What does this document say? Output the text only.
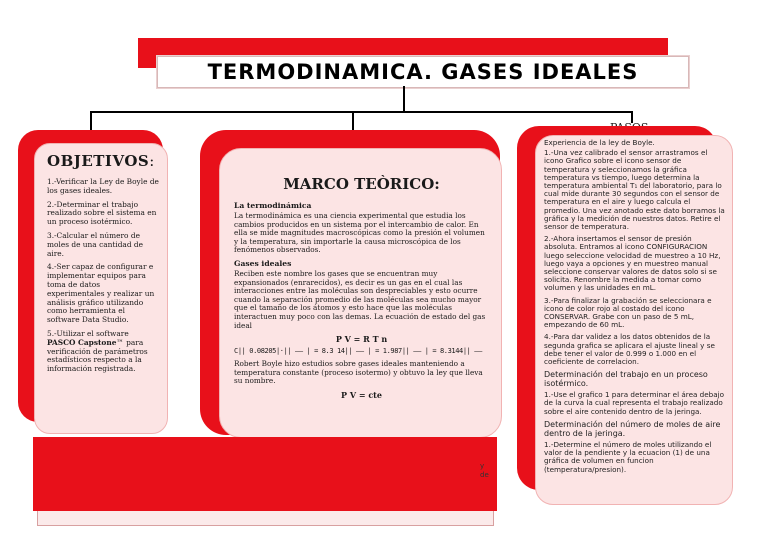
TERMODINAMICA. GASES IDEALES
OBJETIVOS:
1.-Verificar la Ley de Boyle de los gases ideales.
2.-Determinar el trabajo realizado sobre el sistema en un proceso isotérmico.
3.-Calcular el número de moles de una cantidad de aire.
4.-Ser capaz de configurar e implementar equipos para toma de datos experimentales y realizar un análisis gráfico utilizando como herramienta el software Data Studio.
5.-Utilizar el software PASCO Capstone™ para verificación de parámetros estadísticos respecto a la información registrada.
MARCO TEÒRICO:
La termodinámica
La termodinámica es una ciencia experimental que estudia los cambios producidos en un sistema por el intercambio de calor. En ella se mide magnitudes macroscópicas como la presión el volumen y la temperatura, sin importarle la causa microscópica de los fenómenos observados.
Gases ideales
Reciben este nombre los gases que se encuentran muy expansionados (enrarecidos), es decir es un gas en el cual las interacciones entre las moléculas son despreciables y esto ocurre cuando la separación promedio de las moléculas sea mucho mayor que el tamaño de los átomos y esto hace que las moléculas interactuen muy poco con las demas. La ecuación de estado del gas ideal
P V = R T n
C|| 0.08205|·|| —— | = 8.3 14|| —— | = 1.987|| —— | = 8.3144|| ——
Robert Boyle hizo estudios sobre gases ideales manteniendo a temperatura constante (proceso isotermo) y obtuvo la ley que lleva su nombre.
P V = cte
Experiencia de la ley de Boyle.
1.-Una vez calibrado el sensor arrastramos el icono Grafico sobre el icono sensor de temperatura y seleccionamos la gráfica temperatura vs tiempo, luego determina la temperatura ambiental T₁ del laboratorio, para lo cual mide durante 30 segundos con el sensor de temperatura en el aire y luego calcula el promedio. Una vez anotado este dato borramos la gráfica y la medición de nuestros datos. Retire el sensor de temperatura.
2.-Ahora insertamos el sensor de presión absoluta. Entramos al icono CONFIGURACION luego seleccione velocidad de muestreo a 10 Hz, luego vaya a opciones y en muestreo manual seleccione conservar valores de datos solo si se solicita. Renombre la medida a tomar como volumen y las unidades en mL.
3.-Para finalizar la grabación se seleccionara e icono de color rojo al costado del icono CONSERVAR. Grabe con un paso de 5 mL, empezando de 60 mL.
4.-Para dar validez a los datos obtenidos de la segunda grafica se aplicara el ajuste lineal y se debe tener el valor de 0.999 o 1.000 en el coeficiente de correlacion.
Determinación del trabajo en un proceso isotérmico.
1.-Use el grafico 1 para determinar el área debajo de la curva la cual representa el trabajo realizado sobre el aire contenido dentro de la jeringa.
Determinación del número de moles de aire dentro de la jeringa.
1.-Determine el número de moles utilizando el valor de la pendiente y la ecuacion (1) de una gráfica de volumen en funcion (temperatura/presion).
y
de
